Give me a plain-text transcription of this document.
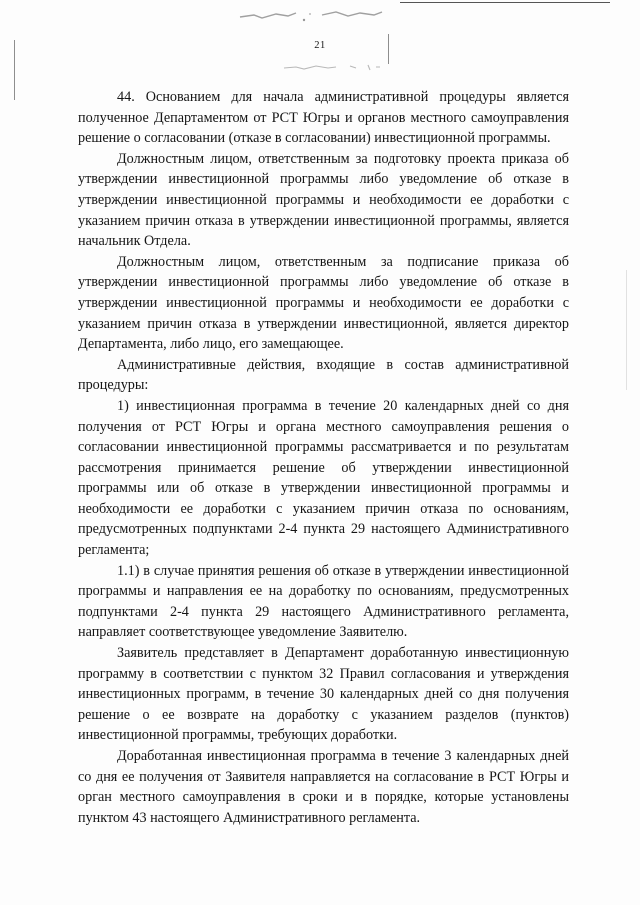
21

44. Основанием для начала административной процедуры является полученное Департаментом от РСТ Югры и органов местного самоуправления решение о согласовании (отказе в согласовании) инвестиционной программы.

Должностным лицом, ответственным за подготовку проекта приказа об утверждении инвестиционной программы либо уведомление об отказе в утверждении инвестиционной программы и необходимости ее доработки с указанием причин отказа в утверждении инвестиционной программы, является начальник Отдела.

Должностным лицом, ответственным за подписание приказа об утверждении инвестиционной программы либо уведомление об отказе в утверждении инвестиционной программы и необходимости ее доработки с указанием причин отказа в утверждении инвестиционной, является директор Департамента, либо лицо, его замещающее.

Административные действия, входящие в состав административной процедуры:

1) инвестиционная программа в течение 20 календарных дней со дня получения от РСТ Югры и органа местного самоуправления решения о согласовании инвестиционной программы рассматривается и по результатам рассмотрения принимается решение об утверждении инвестиционной программы или об отказе в утверждении инвестиционной программы и необходимости ее доработки с указанием причин отказа по основаниям, предусмотренных подпунктами 2-4 пункта 29 настоящего Административного регламента;

1.1) в случае принятия решения об отказе в утверждении инвестиционной программы и направления ее на доработку по основаниям, предусмотренных подпунктами 2-4 пункта 29 настоящего Административного регламента, направляет соответствующее уведомление Заявителю.

Заявитель представляет в Департамент доработанную инвестиционную программу в соответствии с пунктом 32 Правил согласования и утверждения инвестиционных программ, в течение 30 календарных дней со дня получения решение о ее возврате на доработку с указанием разделов (пунктов) инвестиционной программы, требующих доработки.

Доработанная инвестиционная программа в течение 3 календарных дней со дня ее получения от Заявителя направляется на согласование в РСТ Югры и орган местного самоуправления в сроки и в порядке, которые установлены пунктом 43 настоящего Административного регламента.
